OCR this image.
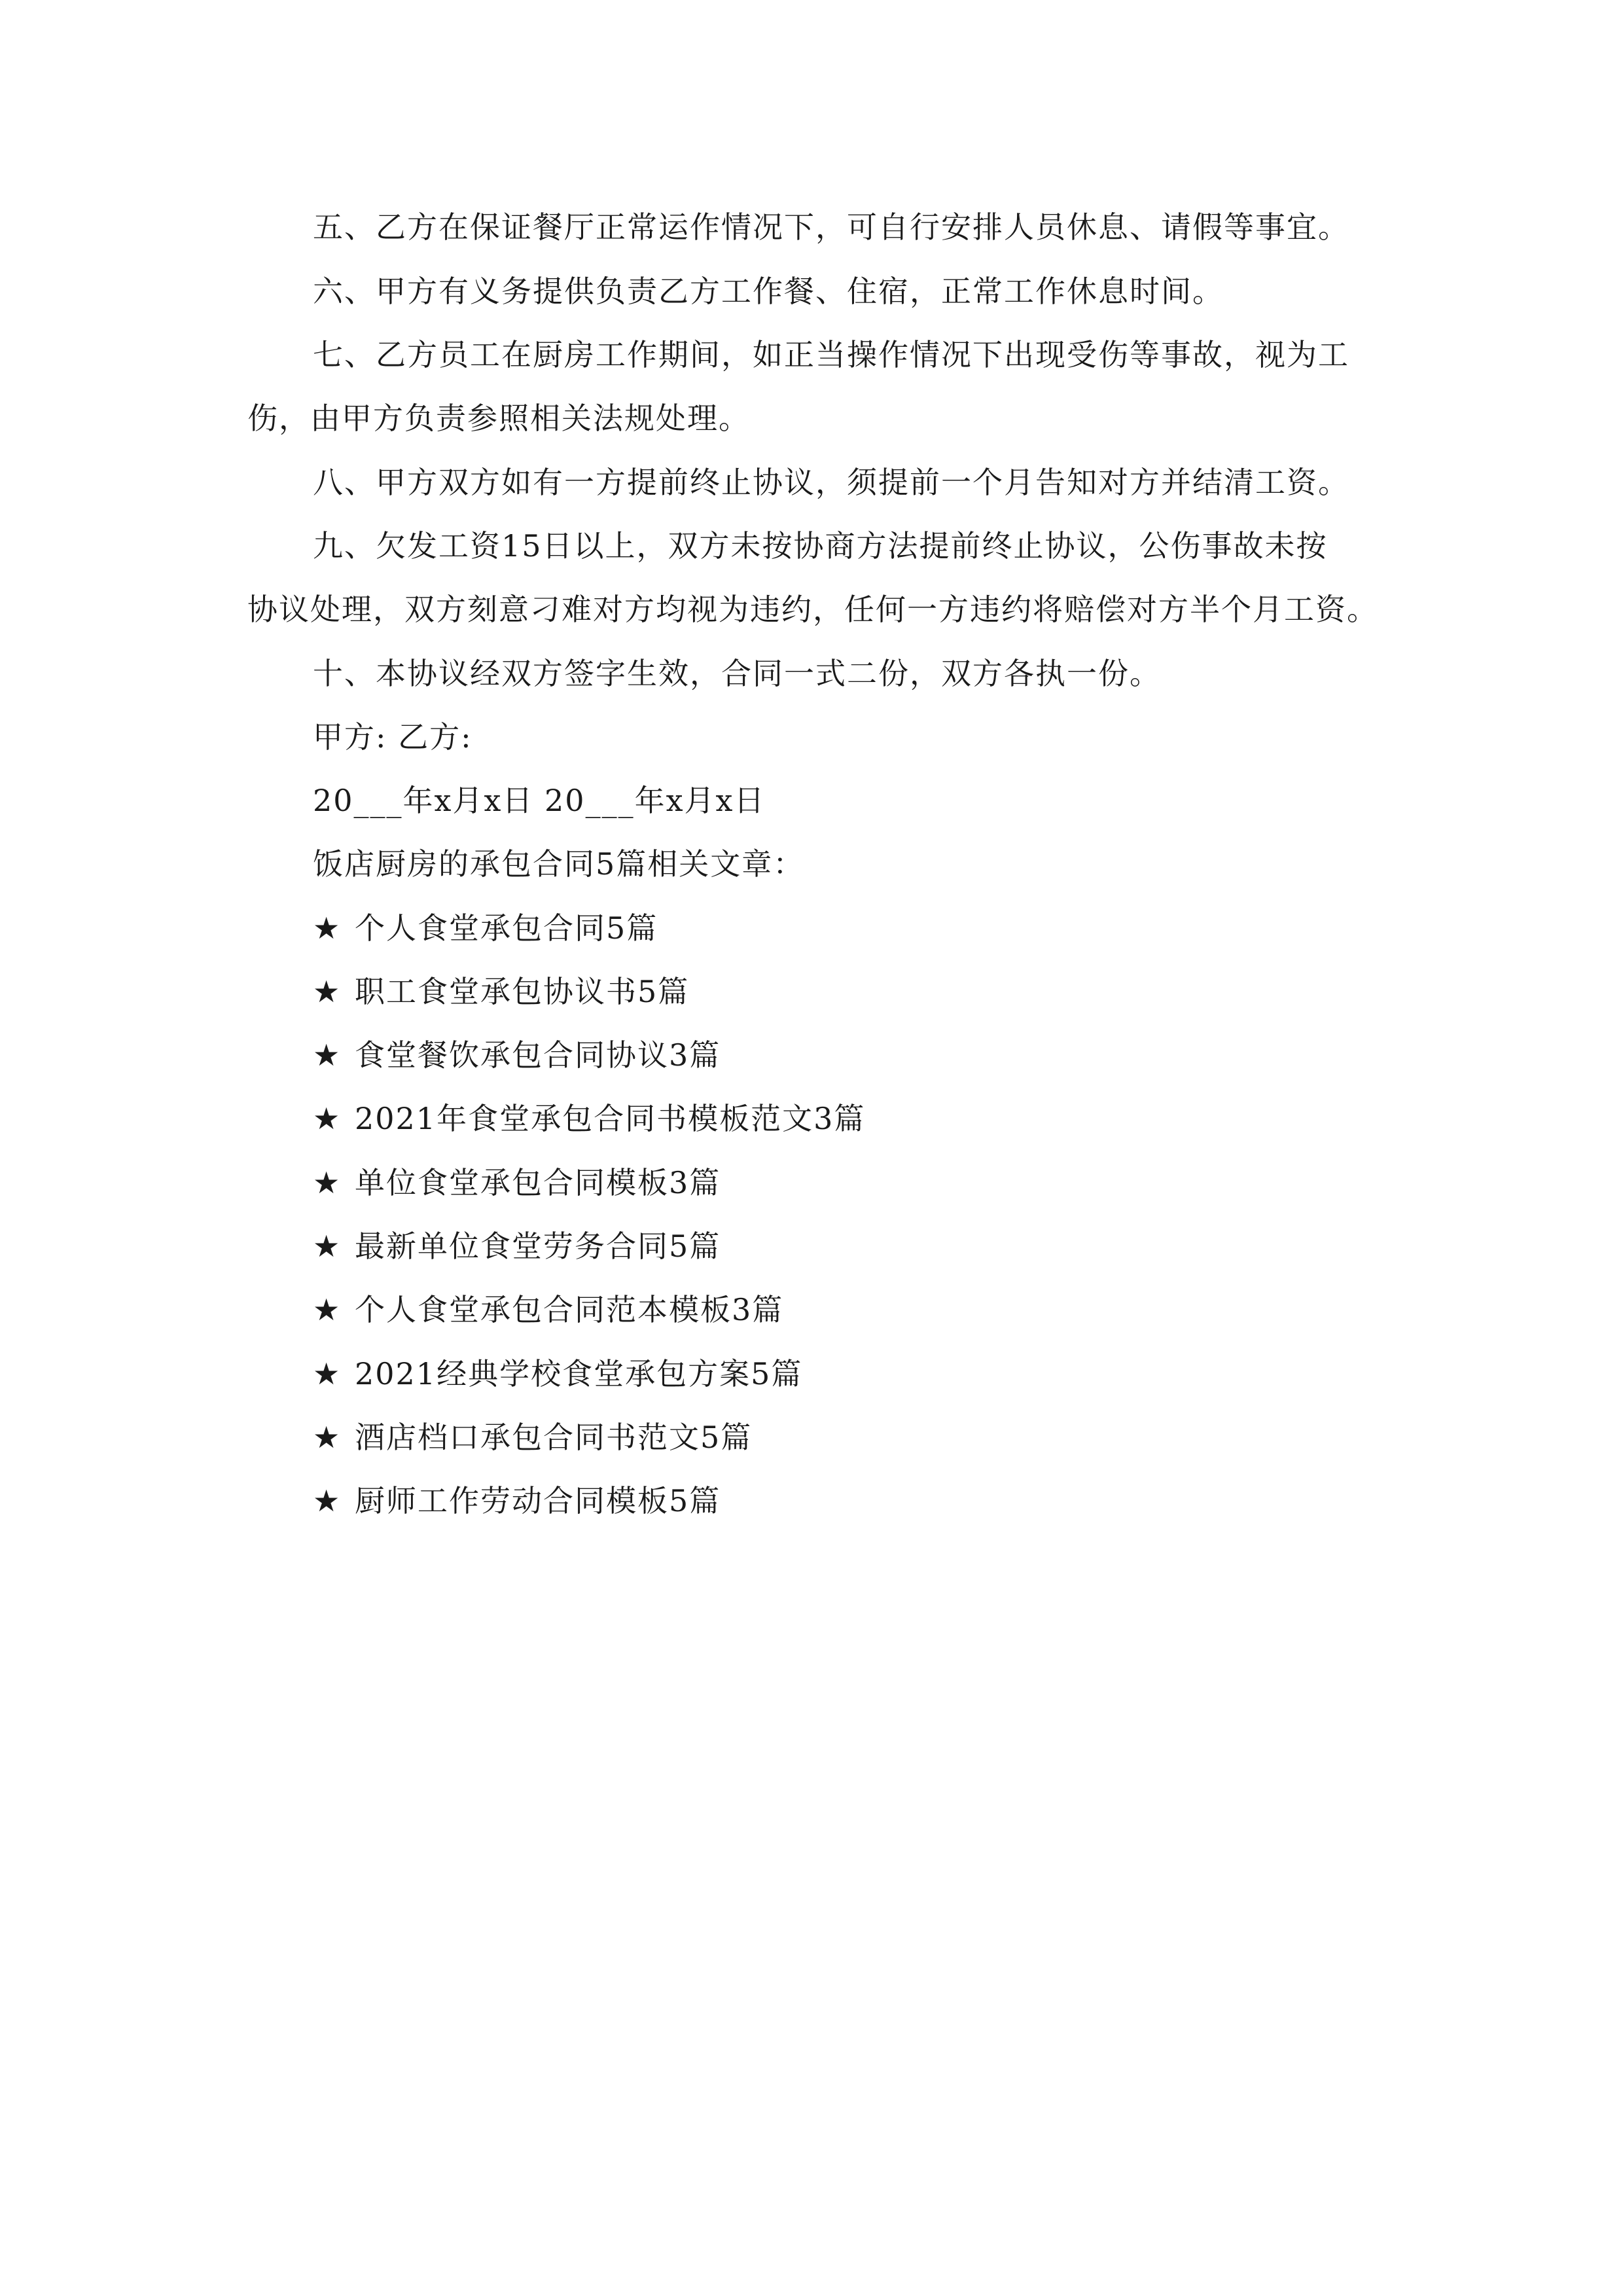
五、乙方在保证餐厅正常运作情况下，可自行安排人员休息、请假等事宜。
六、甲方有义务提供负责乙方工作餐、住宿，正常工作休息时间。
七、乙方员工在厨房工作期间，如正当操作情况下出现受伤等事故，视为工
伤，由甲方负责参照相关法规处理。
八、甲方双方如有一方提前终止协议，须提前一个月告知对方并结清工资。
九、欠发工资15日以上，双方未按协商方法提前终止协议，公伤事故未按
协议处理，双方刻意刁难对方均视为违约，任何一方违约将赔偿对方半个月工资。
十、本协议经双方签字生效，合同一式二份，双方各执一份。
甲方: 乙方:
20___年x月x日 20___年x月x日
饭店厨房的承包合同5篇相关文章：
★ 个人食堂承包合同5篇
★ 职工食堂承包协议书5篇
★ 食堂餐饮承包合同协议3篇
★ 2021年食堂承包合同书模板范文3篇
★ 单位食堂承包合同模板3篇
★ 最新单位食堂劳务合同5篇
★ 个人食堂承包合同范本模板3篇
★ 2021经典学校食堂承包方案5篇
★ 酒店档口承包合同书范文5篇
★ 厨师工作劳动合同模板5篇
